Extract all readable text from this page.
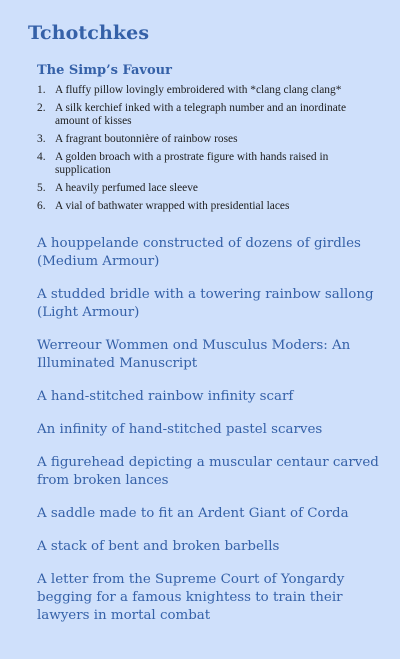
Tchotchkes
The Simp’s Favour
1. A fluffy pillow lovingly embroidered with *clang clang clang*
2. A silk kerchief inked with a telegraph number and an inordinate amount of kisses
3. A fragrant boutonnière of rainbow roses
4. A golden broach with a prostrate figure with hands raised in supplication
5. A heavily perfumed lace sleeve
6. A vial of bathwater wrapped with presidential laces
A houppelande constructed of dozens of girdles (Medium Armour)
A studded bridle with a towering rainbow sallong (Light Armour)
Werreour Wommen ond Musculus Moders: An Illuminated Manuscript
A hand-stitched rainbow infinity scarf
An infinity of hand-stitched pastel scarves
A figurehead depicting a muscular centaur carved from broken lances
A saddle made to fit an Ardent Giant of Corda
A stack of bent and broken barbells
A letter from the Supreme Court of Yongardy begging for a famous knightess to train their lawyers in mortal combat
